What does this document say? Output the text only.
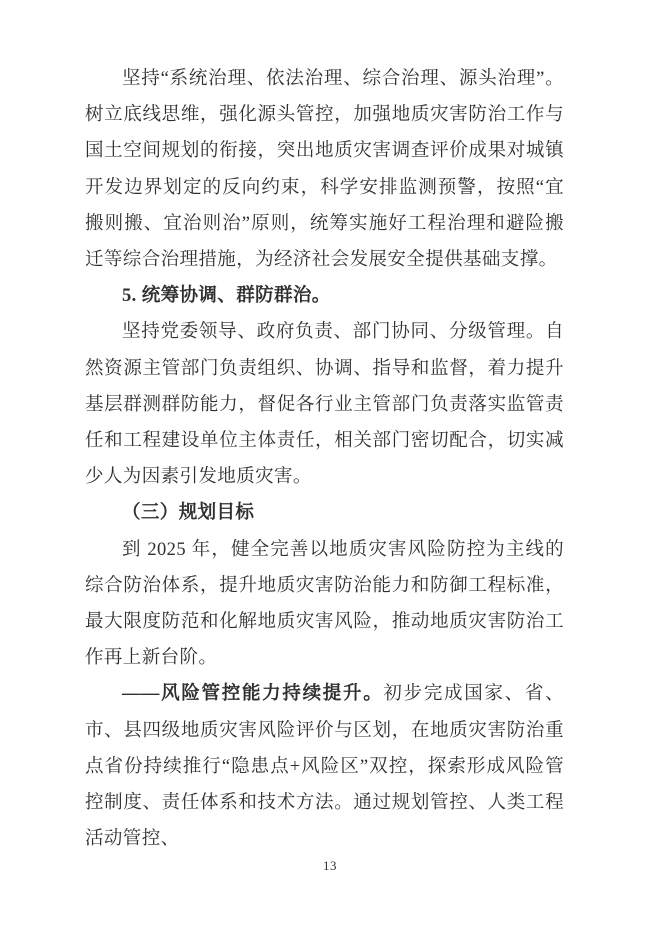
坚持“系统治理、依法治理、综合治理、源头治理”。树立底线思维，强化源头管控，加强地质灾害防治工作与国土空间规划的衔接，突出地质灾害调查评价成果对城镇开发边界划定的反向约束，科学安排监测预警，按照“宜搬则搬、宜治则治”原则，统筹实施好工程治理和避险搬迁等综合治理措施，为经济社会发展安全提供基础支撑。

5. 统筹协调、群防群治。

坚持党委领导、政府负责、部门协同、分级管理。自然资源主管部门负责组织、协调、指导和监督，着力提升基层群测群防能力，督促各行业主管部门负责落实监管责任和工程建设单位主体责任，相关部门密切配合，切实减少人为因素引发地质灾害。

（三）规划目标

到 2025 年，健全完善以地质灾害风险防控为主线的综合防治体系，提升地质灾害防治能力和防御工程标准，最大限度防范和化解地质灾害风险，推动地质灾害防治工作再上新台阶。

——风险管控能力持续提升。初步完成国家、省、市、县四级地质灾害风险评价与区划，在地质灾害防治重点省份持续推行“隐患点+风险区”双控，探索形成风险管控制度、责任体系和技术方法。通过规划管控、人类工程活动管控、

13
